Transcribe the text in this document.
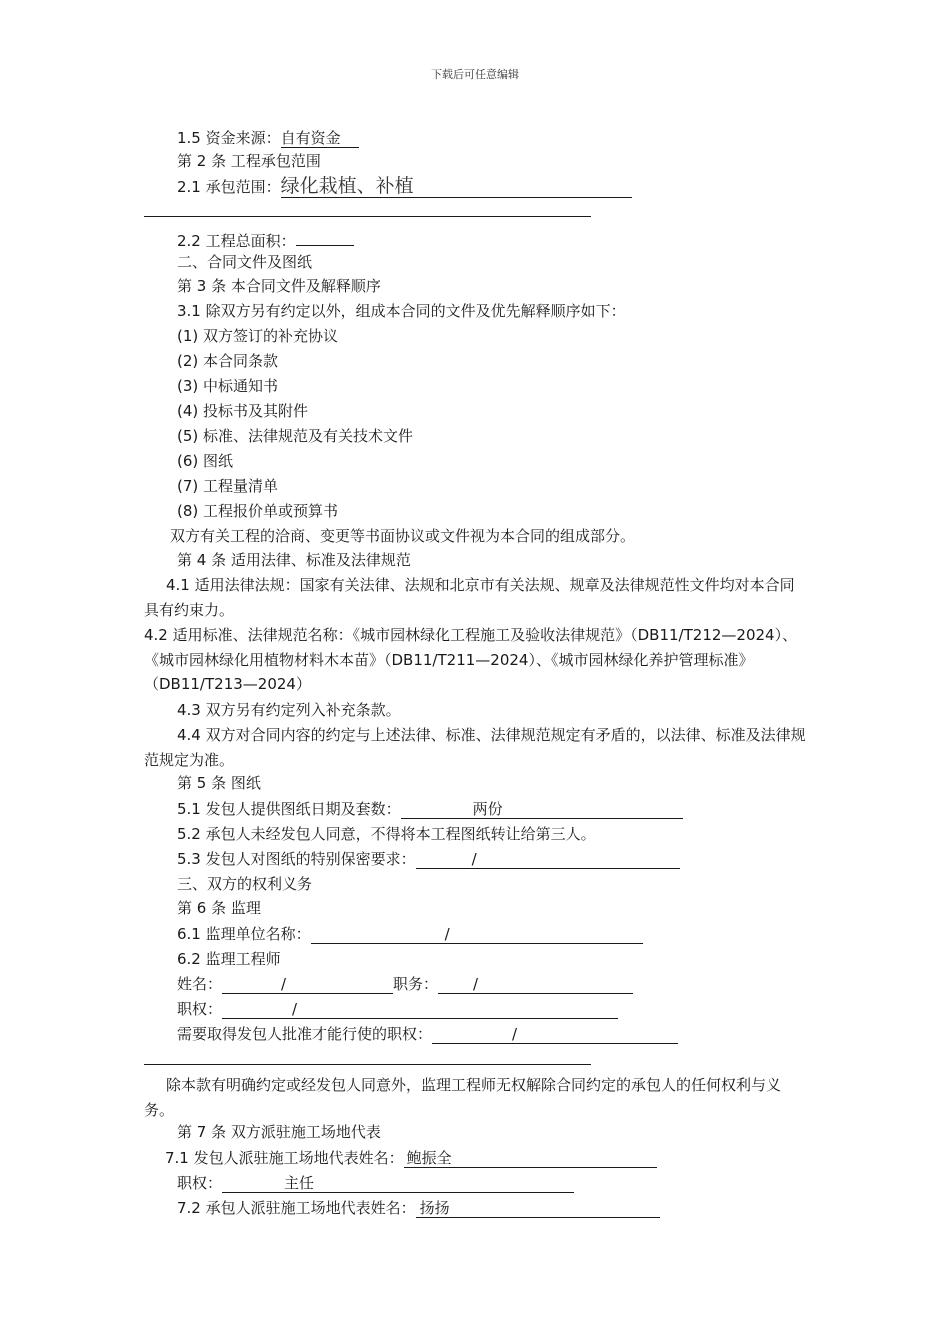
下载后可任意编辑
1.5 资金来源：自有资金
第 2 条 工程承包范围
2.1 承包范围：绿化栽植、补植
2.2 工程总面积：
二、合同文件及图纸
第 3 条 本合同文件及解释顺序
3.1 除双方另有约定以外，组成本合同的文件及优先解释顺序如下：
(1) 双方签订的补充协议
(2) 本合同条款
(3) 中标通知书
(4) 投标书及其附件
(5) 标准、法律规范及有关技术文件
(6) 图纸
(7) 工程量清单
(8) 工程报价单或预算书
双方有关工程的洽商、变更等书面协议或文件视为本合同的组成部分。
第 4 条 适用法律、标准及法律规范
4.1 适用法律法规：国家有关法律、法规和北京市有关法规、规章及法律规范性文件均对本合同具有约束力。
4.2 适用标准、法律规范名称：《城市园林绿化工程施工及验收法律规范》（DB11/T212—2024）、《城市园林绿化用植物材料木本苗》（DB11/T211—2024）、《城市园林绿化养护管理标准》（DB11/T213—2024）
4.3 双方另有约定列入补充条款。
4.4 双方对合同内容的约定与上述法律、标准、法律规范规定有矛盾的，以法律、标准及法律规范规定为准。
第 5 条 图纸
5.1 发包人提供图纸日期及套数：	两份
5.2 承包人未经发包人同意，不得将本工程图纸转让给第三人。
5.3 发包人对图纸的特别保密要求：	/
三、双方的权利义务
第 6 条 监理
6.1 监理单位名称：	/
6.2 监理工程师
姓名：	/	职务： /
职权：	/
需要取得发包人批准才能行使的职权：	/
除本款有明确约定或经发包人同意外，监理工程师无权解除合同约定的承包人的任何权利与义务。
第 7 条 双方派驻施工场地代表
7.1 发包人派驻施工场地代表姓名： 鲍振全
职权：	主任
7.2 承包人派驻施工场地代表姓名： 扬扬
